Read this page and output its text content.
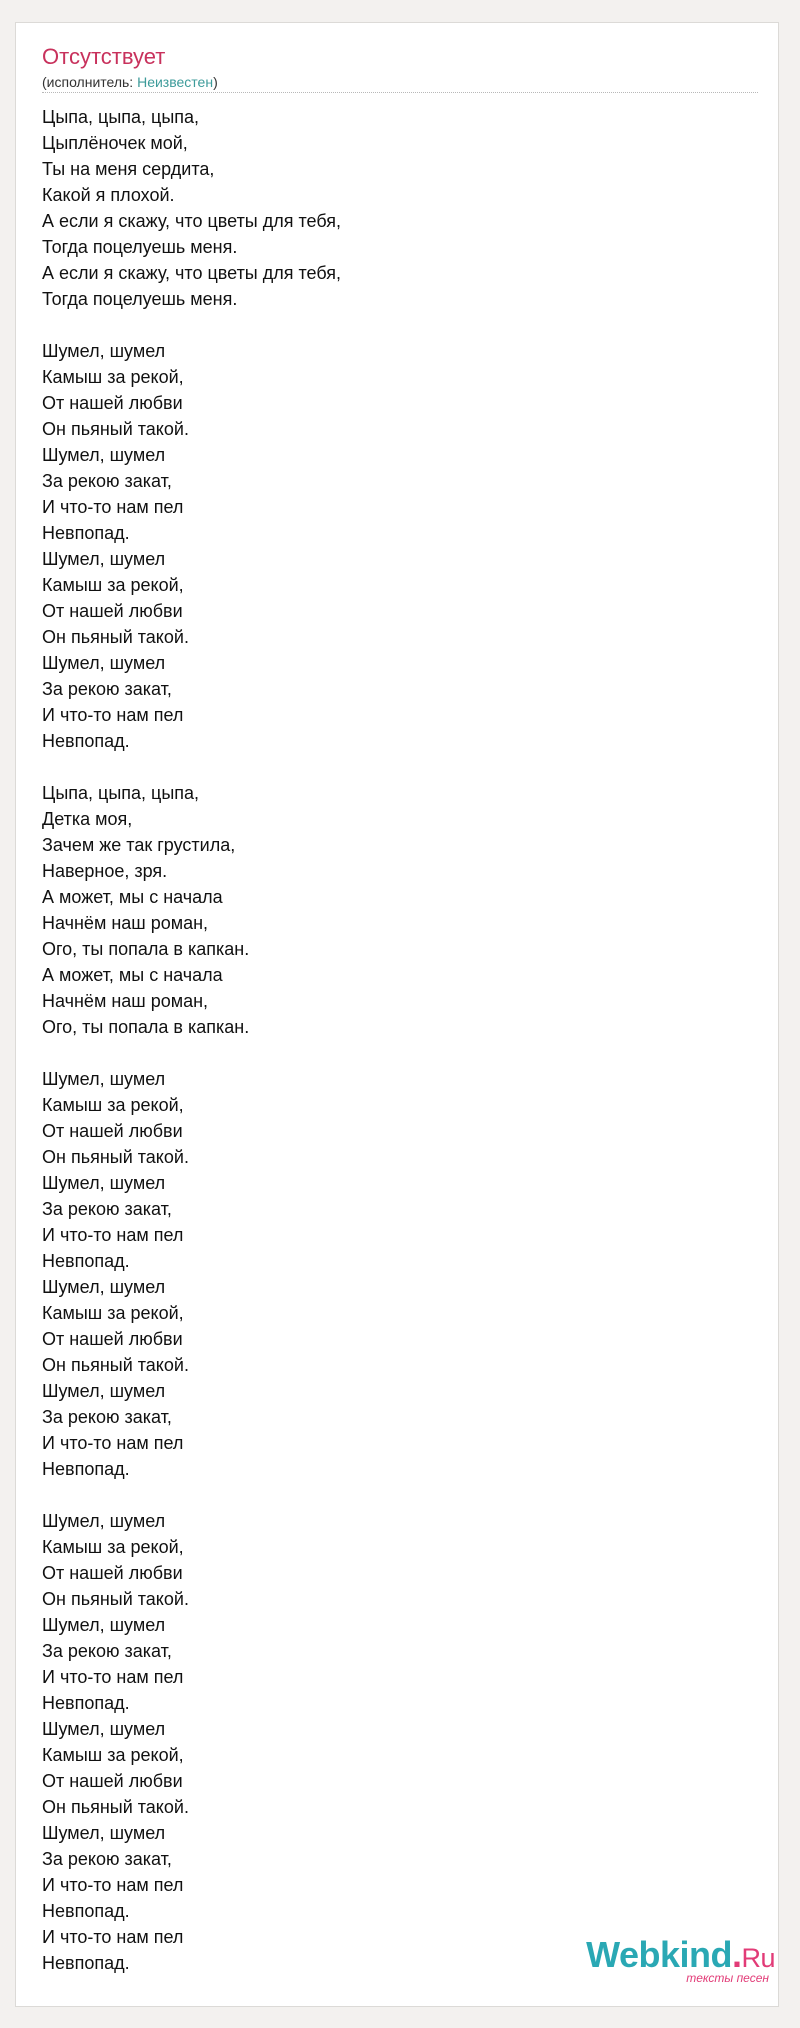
Отсутствует
(исполнитель: Неизвестен)
Цыпа, цыпа, цыпа,
Цыплёночек мой,
Ты на меня сердита,
Какой я плохой.
А если я скажу, что цветы для тебя,
Тогда поцелуешь меня.
А если я скажу, что цветы для тебя,
Тогда поцелуешь меня.

Шумел, шумел
Камыш за рекой,
От нашей любви
Он пьяный такой.
Шумел, шумел
За рекою закат,
И что-то нам пел
Невпопад.
Шумел, шумел
Камыш за рекой,
От нашей любви
Он пьяный такой.
Шумел, шумел
За рекою закат,
И что-то нам пел
Невпопад.

Цыпа, цыпа, цыпа,
Детка моя,
Зачем же так грустила,
Наверное, зря.
А может, мы с начала
Начнём наш роман,
Ого, ты попала в капкан.
А может, мы с начала
Начнём наш роман,
Ого, ты попала в капкан.

Шумел, шумел
Камыш за рекой,
От нашей любви
Он пьяный такой.
Шумел, шумел
За рекою закат,
И что-то нам пел
Невпопад.
Шумел, шумел
Камыш за рекой,
От нашей любви
Он пьяный такой.
Шумел, шумел
За рекою закат,
И что-то нам пел
Невпопад.

Шумел, шумел
Камыш за рекой,
От нашей любви
Он пьяный такой.
Шумел, шумел
За рекою закат,
И что-то нам пел
Невпопад.
Шумел, шумел
Камыш за рекой,
От нашей любви
Он пьяный такой.
Шумел, шумел
За рекою закат,
И что-то нам пел
Невпопад.
И что-то нам пел
Невпопад.	Webkind.Ru
тексты песен
